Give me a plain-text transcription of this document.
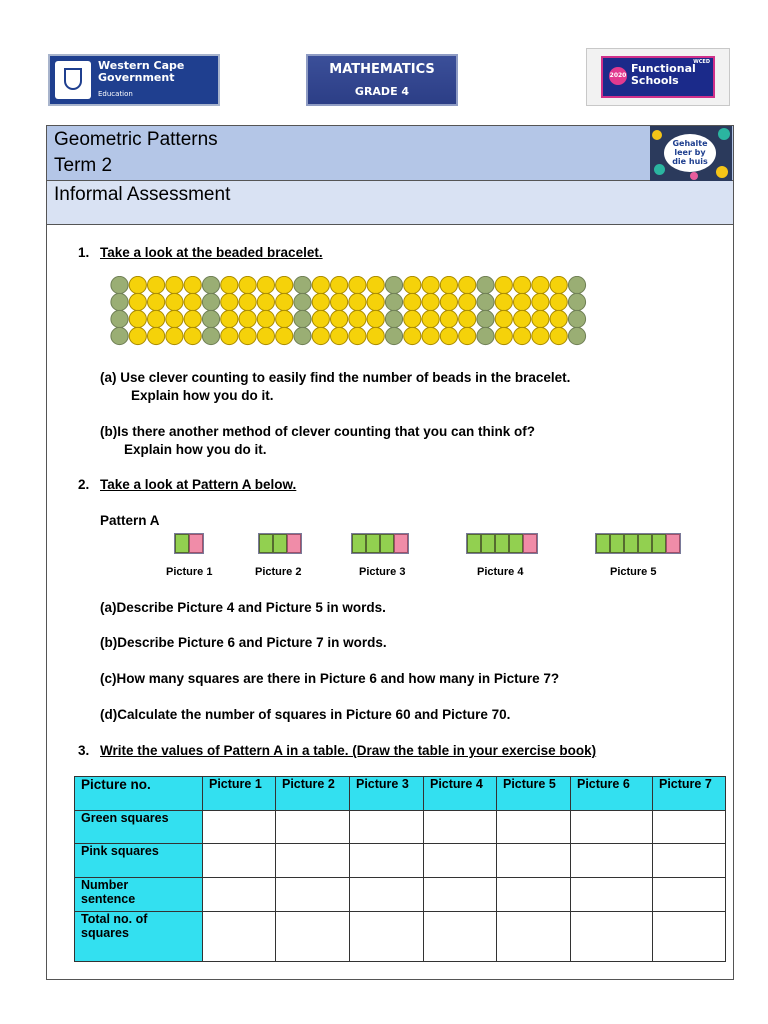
Western Cape
Government
Education
MATHEMATICS
GRADE 4
2020
WCED
Functional
Schools
Geometric Patterns
Term 2
Informal Assessment
Gehalte
leer by
die huis
1. Take a look at the beaded bracelet.
(a) Use clever counting to easily find the number of beads in the bracelet.
Explain how you do it.
(b)Is there another method of clever counting that you can think of?
Explain how you do it.
2. Take a look at Pattern A below.
Pattern A
Picture 1	Picture 2	Picture 3	Picture 4	Picture 5
(a)Describe Picture 4 and Picture 5 in words.
(b)Describe Picture 6 and Picture 7 in words.
(c)How many squares are there in Picture 6 and how many in Picture 7?
(d)Calculate the number of squares in Picture 60 and Picture 70.
3. Write the values of Pattern A in a table. (Draw the table in your exercise book)
Picture no.	Picture 1	Picture 2	Picture 3	Picture 4	Picture 5	Picture 6	Picture 7
Green squares							
Pink squares							
Number sentence							
Total no. of squares							
